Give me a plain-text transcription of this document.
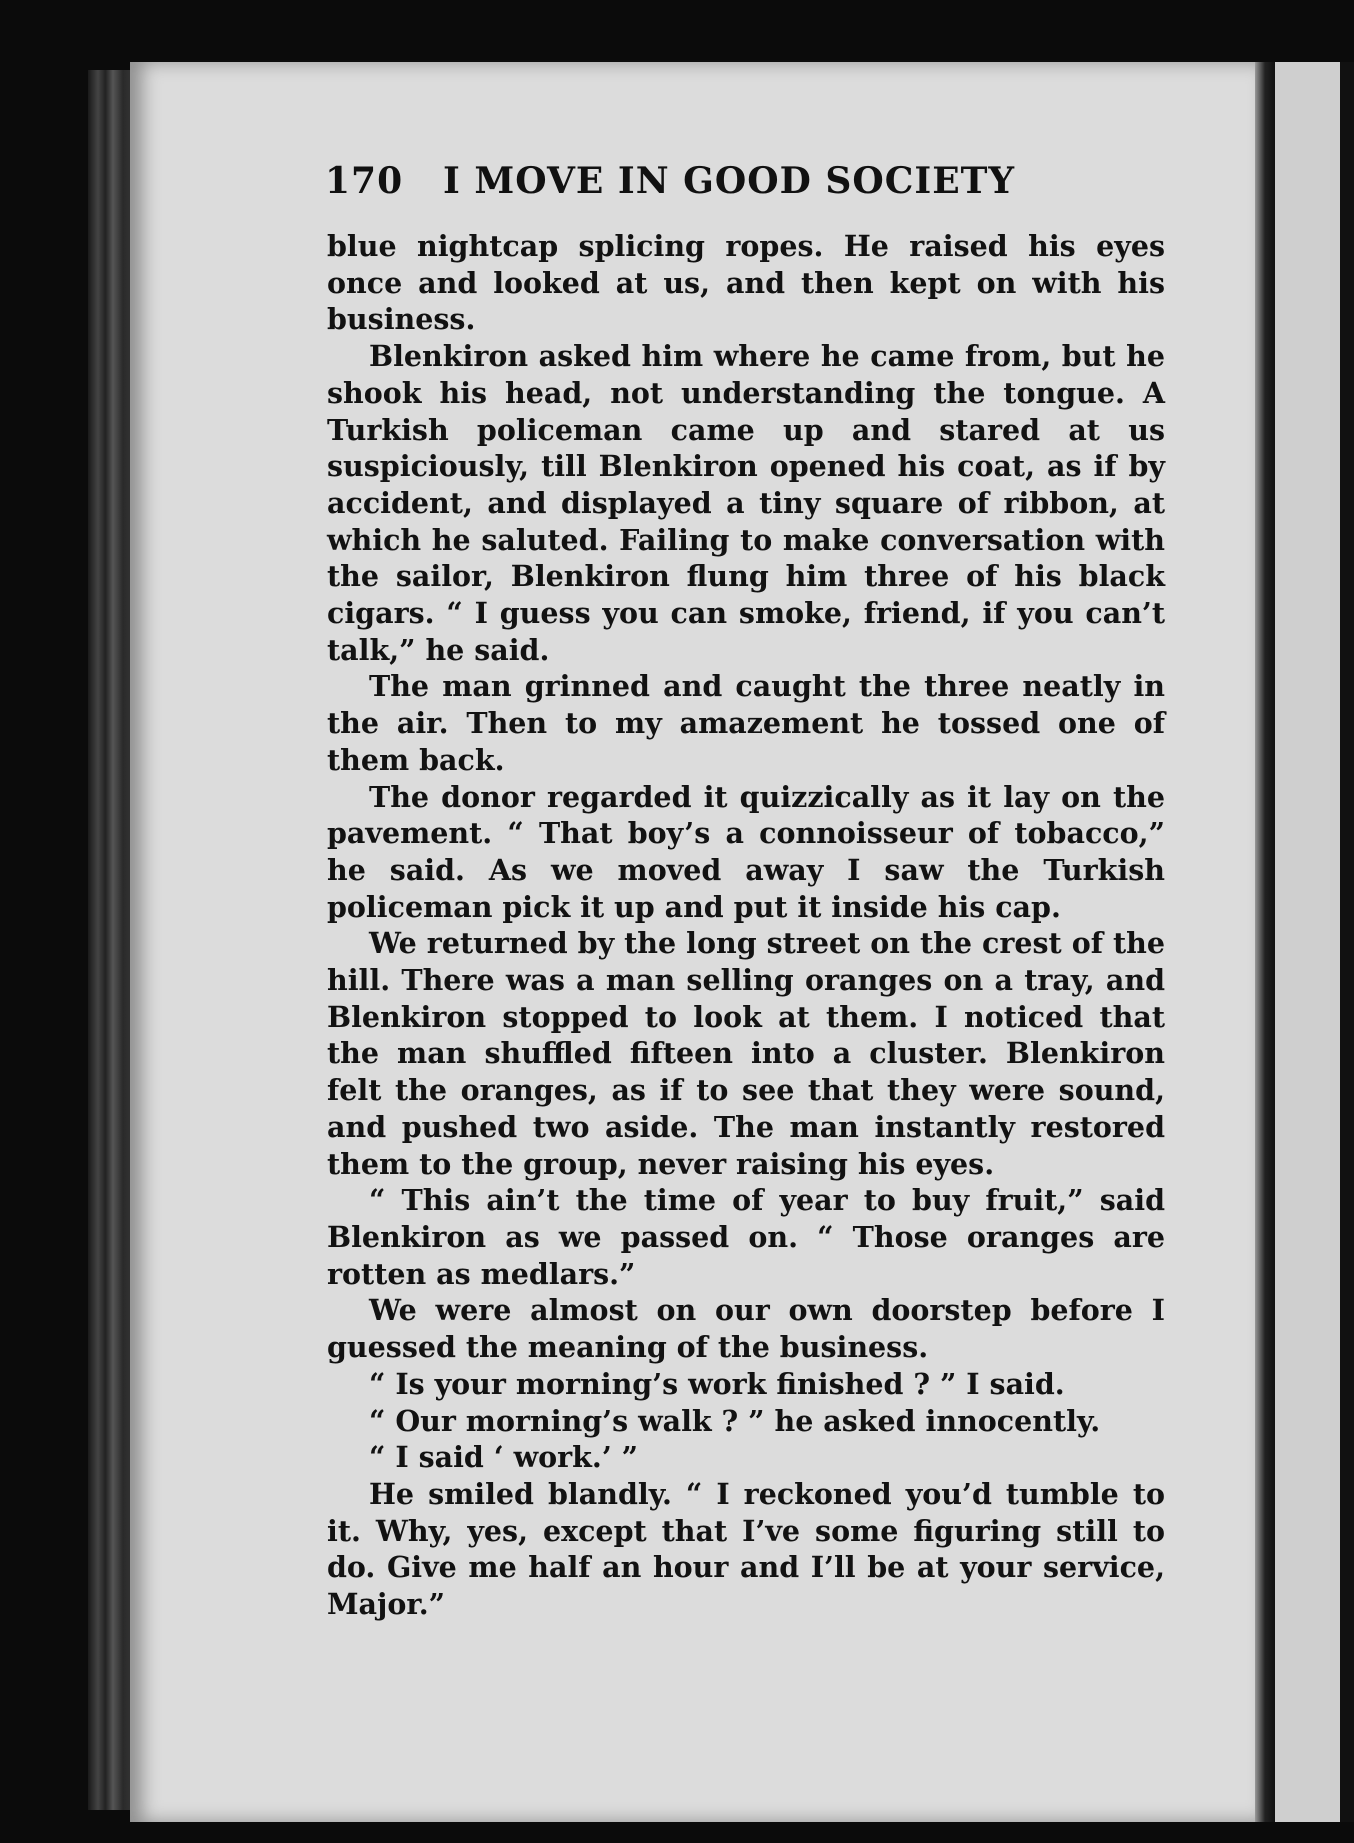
170 I MOVE IN GOOD SOCIETY

blue nightcap splicing ropes. He raised his eyes once and looked at us, and then kept on with his business.

Blenkiron asked him where he came from, but he shook his head, not understanding the tongue. A Turkish policeman came up and stared at us suspiciously, till Blenkiron opened his coat, as if by accident, and displayed a tiny square of ribbon, at which he saluted. Failing to make conversation with the sailor, Blenkiron flung him three of his black cigars. “ I guess you can smoke, friend, if you can’t talk,” he said.

The man grinned and caught the three neatly in the air. Then to my amazement he tossed one of them back.

The donor regarded it quizzically as it lay on the pavement. “ That boy’s a connoisseur of tobacco,” he said. As we moved away I saw the Turkish policeman pick it up and put it inside his cap.

We returned by the long street on the crest of the hill. There was a man selling oranges on a tray, and Blenkiron stopped to look at them. I noticed that the man shuffled fifteen into a cluster. Blenkiron felt the oranges, as if to see that they were sound, and pushed two aside. The man instantly restored them to the group, never raising his eyes.

“ This ain’t the time of year to buy fruit,” said Blenkiron as we passed on. “ Those oranges are rotten as medlars.”

We were almost on our own doorstep before I guessed the meaning of the business.

“ Is your morning’s work finished ? ” I said.

“ Our morning’s walk ? ” he asked innocently.

“ I said ‘ work.’ ”

He smiled blandly. “ I reckoned you’d tumble to it. Why, yes, except that I’ve some figuring still to do. Give me half an hour and I’ll be at your service, Major.”
